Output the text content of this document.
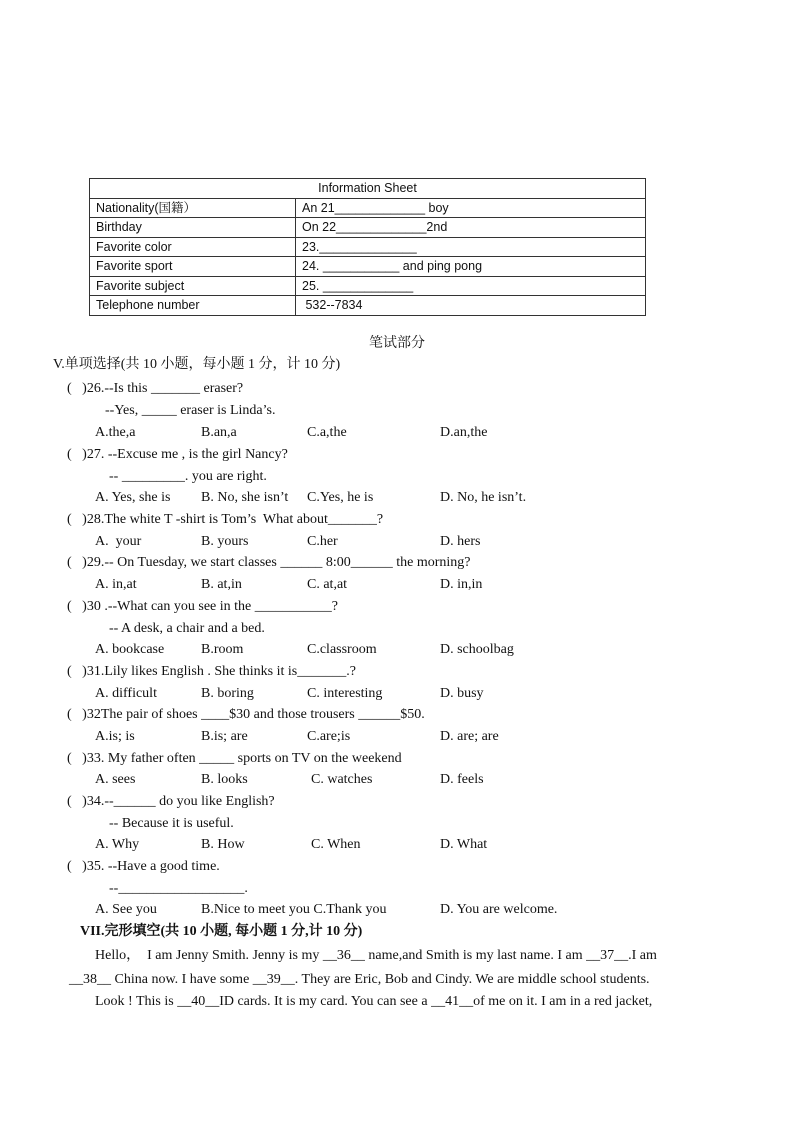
Information Sheet	
Nationality(国籍）	An 21_____________ boy
Birthday	On 22_____________2nd
Favorite color	23.______________
Favorite sport	24. ___________ and ping pong
Favorite subject	25. _____________
Telephone number	532--7834
笔试部分
V.单项选择(共 10 小题，每小题 1 分，计 10 分)
(   )26.--Is this _______ eraser?
--Yes, _____ eraser is Linda’s.
A.the,a	B.an,a	C.a,the	D.an,the
(   )27. --Excuse me , is the girl Nancy?
-- _________. you are right.
A. Yes, she is B. No, she isn’t C.Yes, he is	D. No, he isn’t.
(   )28.The white T -shirt is Tom’s  What about_______?
A.  your	B. yours	C.her	D. hers
(   )29.-- On Tuesday, we start classes ______ 8:00______ the morning?
A. in,at	B. at,in	C. at,at	D. in,in
(   )30 .--What can you see in the ___________?
-- A desk, a chair and a bed.
A. bookcase	B.room	C.classroom	D. schoolbag
(   )31.Lily likes English . She thinks it is_______.?
A. difficult	B. boring	C. interesting	D. busy
(   )32The pair of shoes ____$30 and those trousers ______$50.
A.is; is	B.is; are	C.are;is	D. are; are
(   )33. My father often _____ sports on TV on the weekend
A. sees	B. looks	C. watches	D. feels
(   )34.--______ do you like English?
-- Because it is useful.
A. Why	B. How	C. When	D. What
(   )35. --Have a good time.
--__________________.
A. See you	B.Nice to meet you C.Thank you	D. You are welcome.
VII.完形填空(共 10 小题, 每小题 1 分,计 10 分)
Hello，  I am Jenny Smith. Jenny is my __36__ name,and Smith is my last name. I am __37__.I am
__38__ China now. I have some __39__. They are Eric, Bob and Cindy. We are middle school students.
Look ! This is __40__ID cards. It is my card. You can see a __41__of me on it. I am in a red jacket,
